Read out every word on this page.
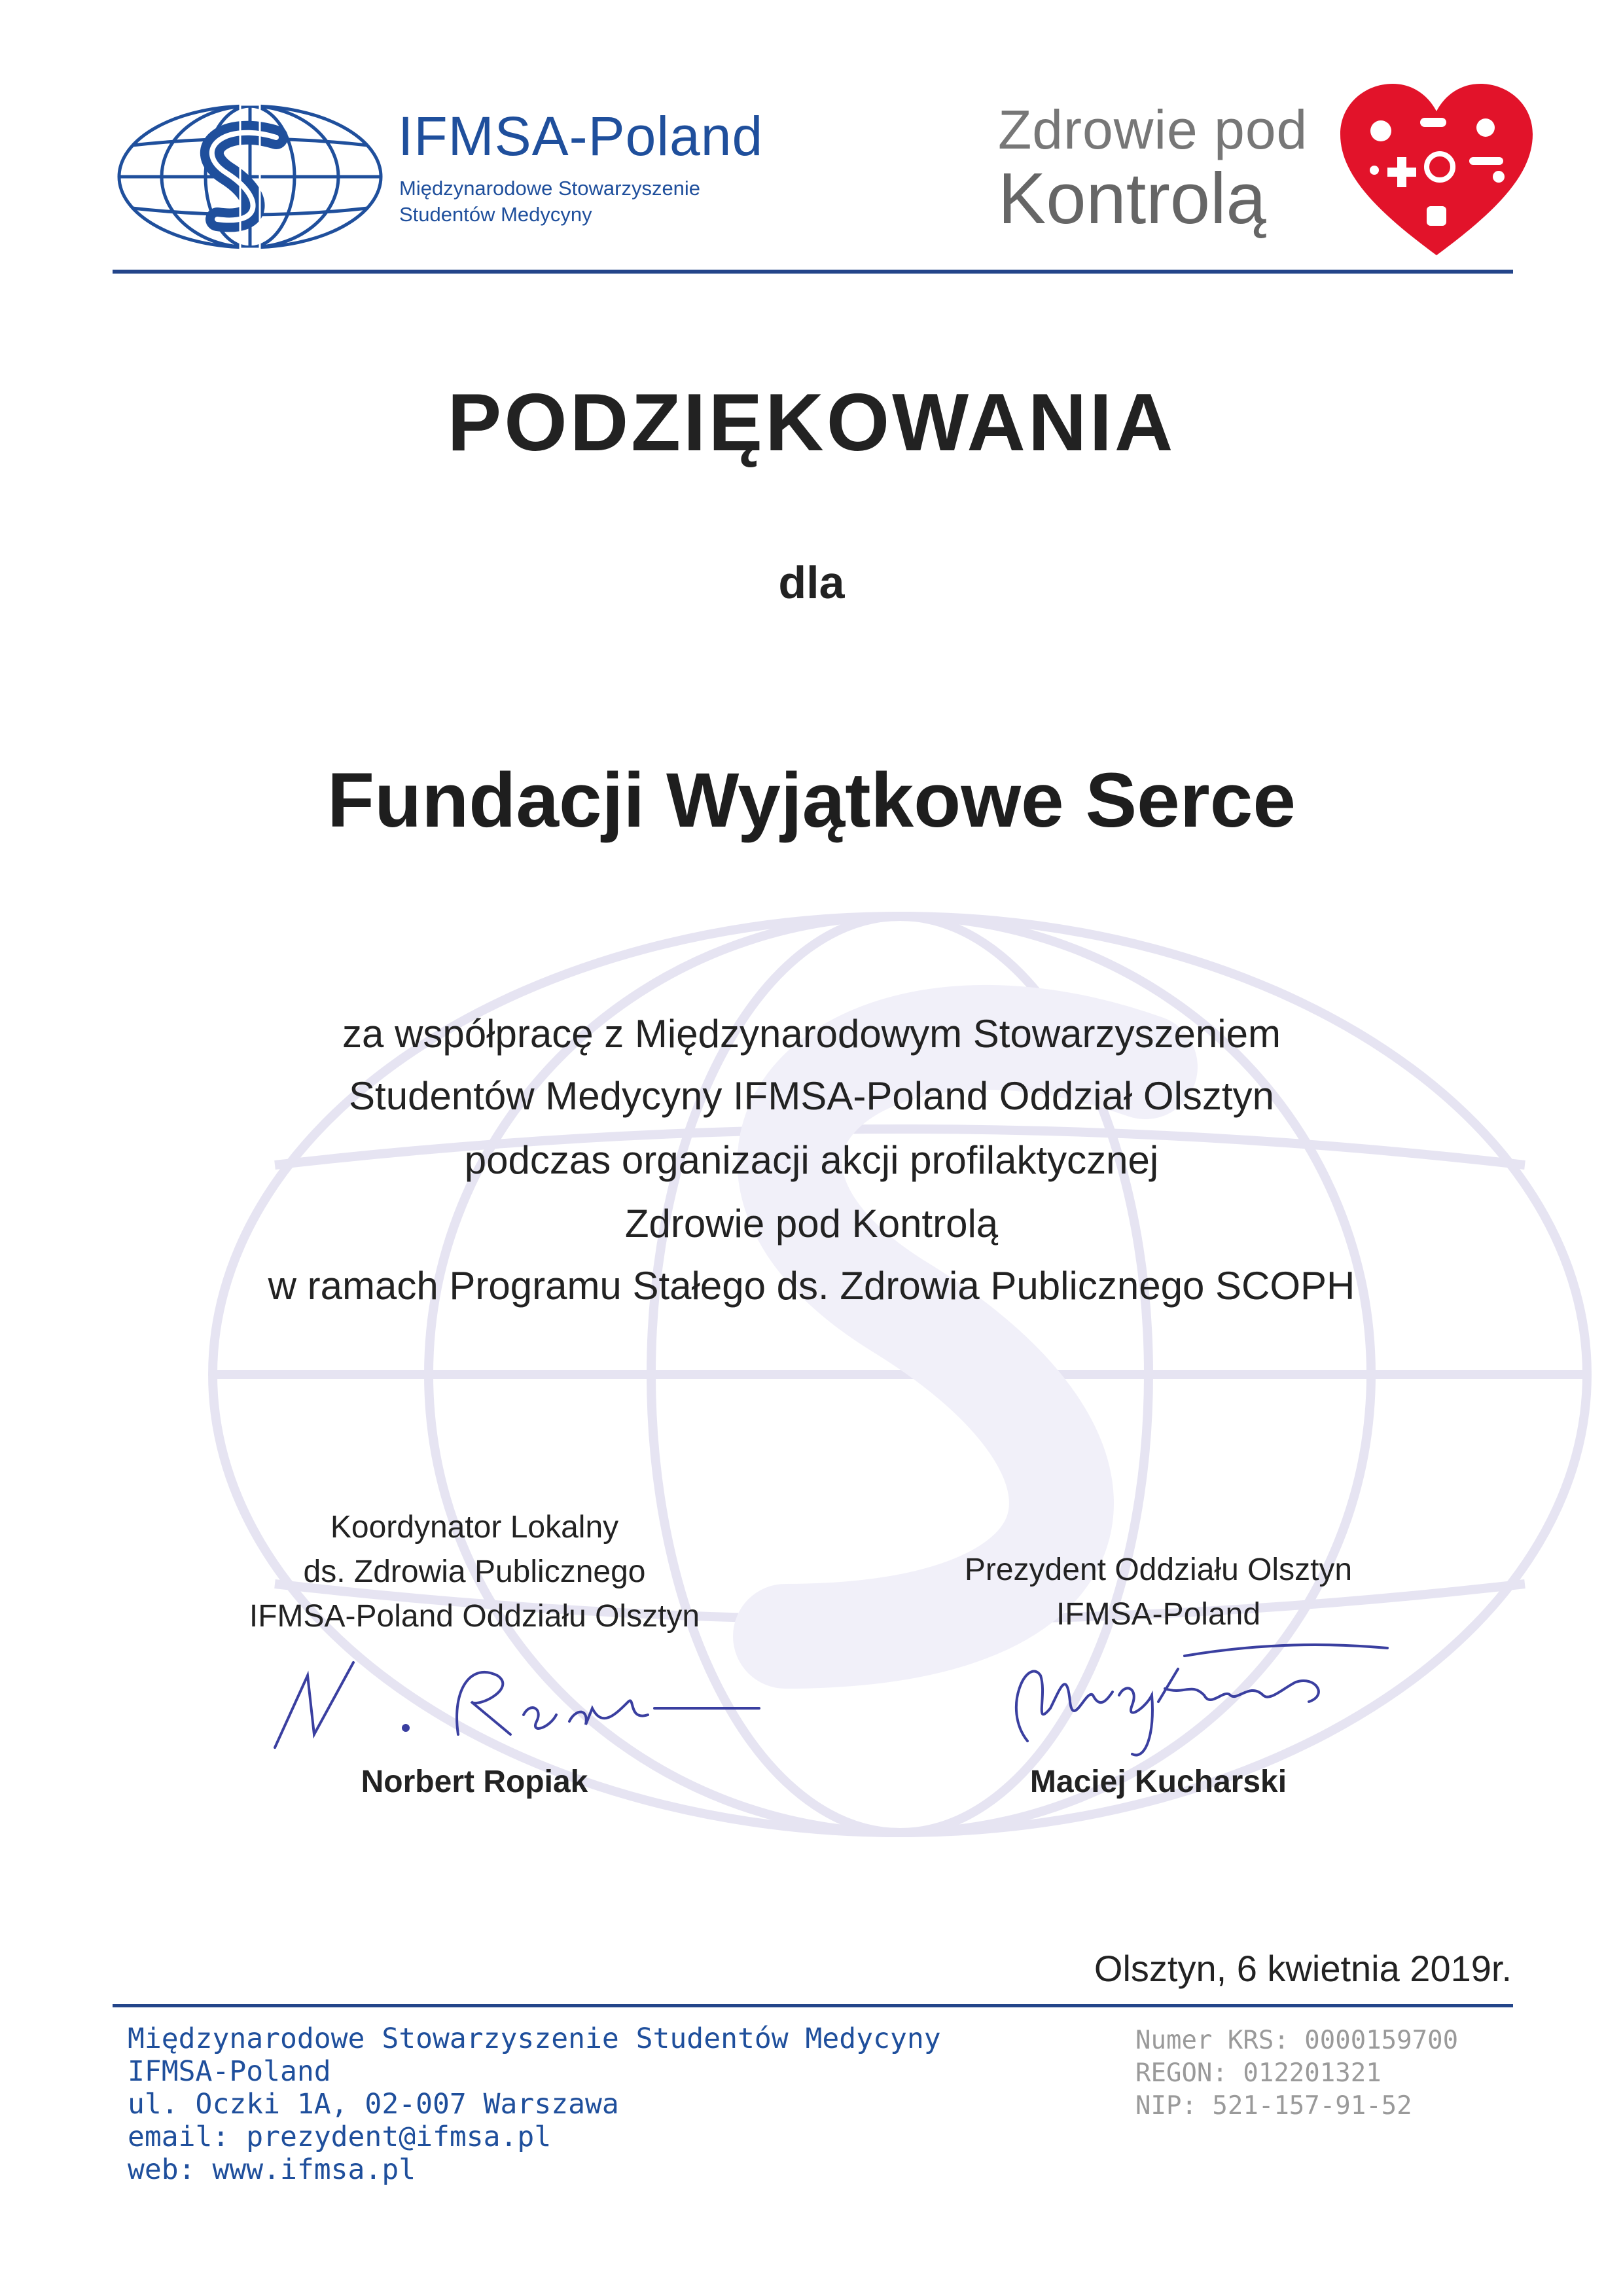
IFMSA-Poland
Międzynarodowe Stowarzyszenie
Studentów Medycyny
Zdrowie pod
Kontrolą
PODZIĘKOWANIA
dla
Fundacji Wyjątkowe Serce
za współpracę z Międzynarodowym Stowarzyszeniem
Studentów Medycyny IFMSA-Poland Oddział Olsztyn
podczas organizacji akcji profilaktycznej
Zdrowie pod Kontrolą
w ramach Programu Stałego ds. Zdrowia Publicznego SCOPH
Koordynator Lokalny
ds. Zdrowia Publicznego
IFMSA-Poland Oddziału Olsztyn
Norbert Ropiak
Prezydent Oddziału Olsztyn
IFMSA-Poland
Maciej Kucharski
Olsztyn, 6 kwietnia 2019r.
Międzynarodowe Stowarzyszenie Studentów Medycyny
IFMSA-Poland
ul. Oczki 1A, 02-007 Warszawa
email: prezydent@ifmsa.pl
web: www.ifmsa.pl
Numer KRS: 0000159700
REGON: 012201321
NIP: 521-157-91-52
